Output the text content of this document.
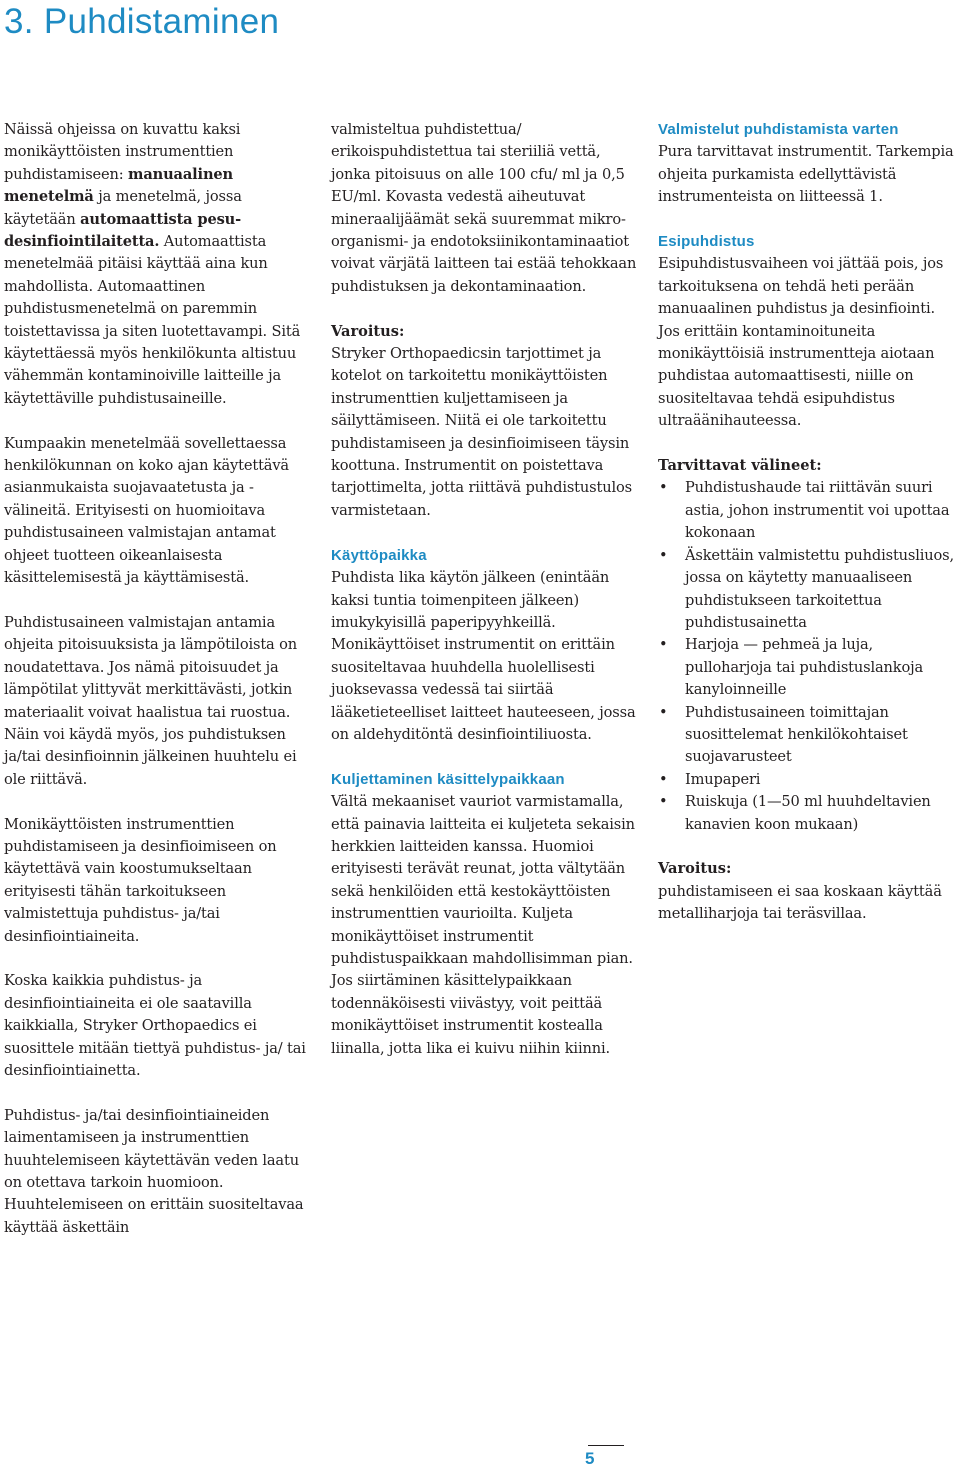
3. Puhdistaminen

Näissä ohjeissa on kuvattu kaksi monikäyttöisten instrumenttien puhdistamiseen: manuaalinen menetelmä ja menetelmä, jossa käytetään automaattista pesu-desinfiointilaitetta. Automaattista menetelmää pitäisi käyttää aina kun mahdollista. Automaattinen puhdistusmenetelmä on paremmin toistettavissa ja siten luotettavampi. Sitä käytettäessä myös henkilökunta altistuu vähemmän kontaminoiville laitteille ja käytettäville puhdistusaineille.

Kumpaakin menetelmää sovellettaessa henkilökunnan on koko ajan käytettävä asianmukaista suojavaatetusta ja -välineitä. Erityisesti on huomioitava puhdistusaineen valmistajan antamat ohjeet tuotteen oikeanlaisesta käsittelemisestä ja käyttämisestä.

Puhdistusaineen valmistajan antamia ohjeita pitoisuuksista ja lämpötiloista on noudatettava. Jos nämä pitoisuudet ja lämpötilat ylittyvät merkittävästi, jotkin materiaalit voivat haalistua tai ruostua. Näin voi käydä myös, jos puhdistuksen ja/tai desinfioinnin jälkeinen huuhtelu ei ole riittävä.

Monikäyttöisten instrumenttien puhdistamiseen ja desinfioimiseen on käytettävä vain koostumukseltaan erityisesti tähän tarkoitukseen valmistettuja puhdistus- ja/tai desinfiointiaineita.

Koska kaikkia puhdistus- ja desinfiointiaineita ei ole saatavilla kaikkialla, Stryker Orthopaedics ei suosittele mitään tiettyä puhdistus- ja/ tai desinfiointiainetta.

Puhdistus- ja/tai desinfiointiaineiden laimentamiseen ja instrumenttien huuhtelemiseen käytettävän veden laatu on otettava tarkoin huomioon. Huuhtelemiseen on erittäin suositeltavaa käyttää äskettäin

valmisteltua puhdistettua/ erikoispuhdistettua tai steriiliä vettä, jonka pitoisuus on alle 100 cfu/ ml ja 0,5 EU/ml. Kovasta vedestä aiheutuvat mineraalijäämät sekä suuremmat mikro-organismi- ja endotoksiinikontaminaatiot voivat värjätä laitteen tai estää tehokkaan puhdistuksen ja dekontaminaation.

Varoitus:

Stryker Orthopaedicsin tarjottimet ja kotelot on tarkoitettu monikäyttöisten instrumenttien kuljettamiseen ja säilyttämiseen. Niitä ei ole tarkoitettu puhdistamiseen ja desinfioimiseen täysin koottuna. Instrumentit on poistettava tarjottimelta, jotta riittävä puhdistustulos varmistetaan.

Käyttöpaikka

Puhdista lika käytön jälkeen (enintään kaksi tuntia toimenpiteen jälkeen) imukykyisillä paperipyyhkeillä. Monikäyttöiset instrumentit on erittäin suositeltavaa huuhdella huolellisesti juoksevassa vedessä tai siirtää lääketieteelliset laitteet hauteeseen, jossa on aldehyditöntä desinfiointiliuosta.

Kuljettaminen käsittelypaikkaan

Vältä mekaaniset vauriot varmistamalla, että painavia laitteita ei kuljeteta sekaisin herkkien laitteiden kanssa. Huomioi erityisesti terävät reunat, jotta vältytään sekä henkilöiden että kestokäyttöisten instrumenttien vaurioilta. Kuljeta monikäyttöiset instrumentit puhdistuspaikkaan mahdollisimman pian. Jos siirtäminen käsittelypaikkaan todennäköisesti viivästyy, voit peittää monikäyttöiset instrumentit kostealla liinalla, jotta lika ei kuivu niihin kiinni.

Valmistelut puhdistamista varten

Pura tarvittavat instrumentit. Tarkempia ohjeita purkamista edellyttävistä instrumenteista on liitteessä 1.

Esipuhdistus

Esipuhdistusvaiheen voi jättää pois, jos tarkoituksena on tehdä heti perään manuaalinen puhdistus ja desinfiointi. Jos erittäin kontaminoituneita monikäyttöisiä instrumentteja aiotaan puhdistaa automaattisesti, niille on suositeltavaa tehdä esipuhdistus ultraäänihauteessa.

Tarvittavat välineet:

• Puhdistushaude tai riittävän suuri astia, johon instrumentit voi upottaa kokonaan
• Äskettäin valmistettu puhdistusliuos, jossa on käytetty manuaaliseen puhdistukseen tarkoitettua puhdistusainetta
• Harjoja — pehmeä ja luja, pulloharjoja tai puhdistuslankoja kanyloinneille
• Puhdistusaineen toimittajan suosittelemat henkilökohtaiset suojavarusteet
• Imupaperi
• Ruiskuja (1—50 ml huuhdeltavien kanavien koon mukaan)

Varoitus:

puhdistamiseen ei saa koskaan käyttää metalliharjoja tai teräsvillaa.

5
